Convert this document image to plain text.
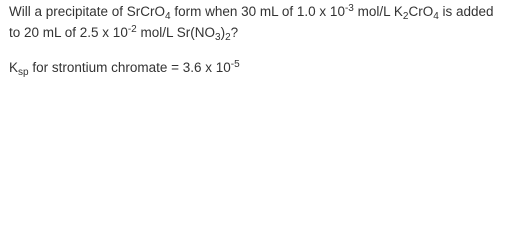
Will a precipitate of SrCrO$_4$ form when 30 mL of 1.0 x $10^{-3}$ mol/L $K_2CrO_4$ is added
to 20 mL of 2.5 x $10^{-2}$ mol/L $Sr(NO_3)_2$?
$K_{sp}$ for strontium chromate = 3.6 x $10^{-5}$
